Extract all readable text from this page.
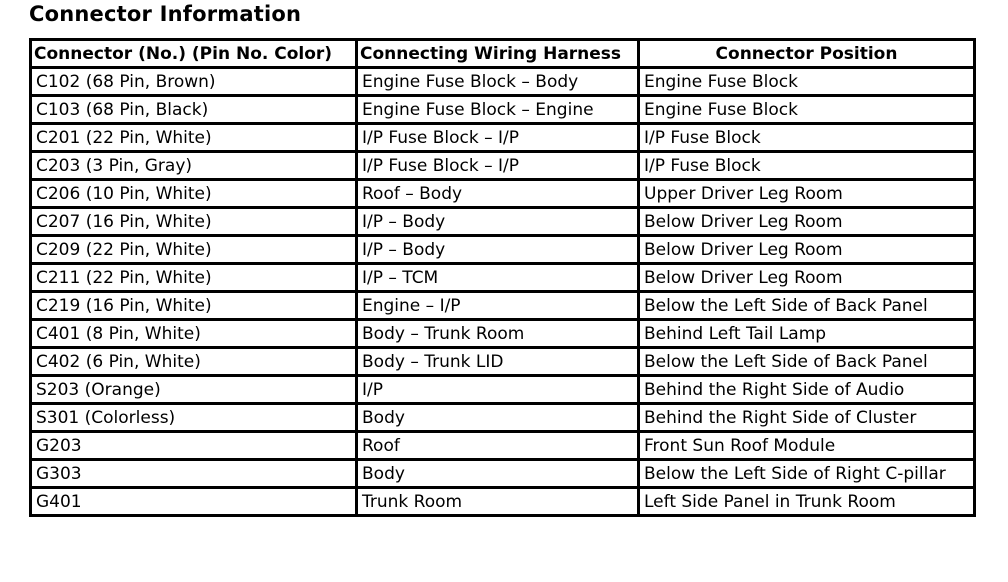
Connector Information
Connector (No.) (Pin No. Color)	Connecting Wiring Harness	Connector Position
C102 (68 Pin, Brown)	Engine Fuse Block – Body	Engine Fuse Block
C103 (68 Pin, Black)	Engine Fuse Block – Engine	Engine Fuse Block
C201 (22 Pin, White)	I/P Fuse Block – I/P	I/P Fuse Block
C203 (3 Pin, Gray)	I/P Fuse Block – I/P	I/P Fuse Block
C206 (10 Pin, White)	Roof – Body	Upper Driver Leg Room
C207 (16 Pin, White)	I/P – Body	Below Driver Leg Room
C209 (22 Pin, White)	I/P – Body	Below Driver Leg Room
C211 (22 Pin, White)	I/P – TCM	Below Driver Leg Room
C219 (16 Pin, White)	Engine – I/P	Below the Left Side of Back Panel
C401 (8 Pin, White)	Body – Trunk Room	Behind Left Tail Lamp
C402 (6 Pin, White)	Body – Trunk LID	Below the Left Side of Back Panel
S203 (Orange)	I/P	Behind the Right Side of Audio
S301 (Colorless)	Body	Behind the Right Side of Cluster
G203	Roof	Front Sun Roof Module
G303	Body	Below the Left Side of Right C-pillar
G401	Trunk Room	Left Side Panel in Trunk Room
